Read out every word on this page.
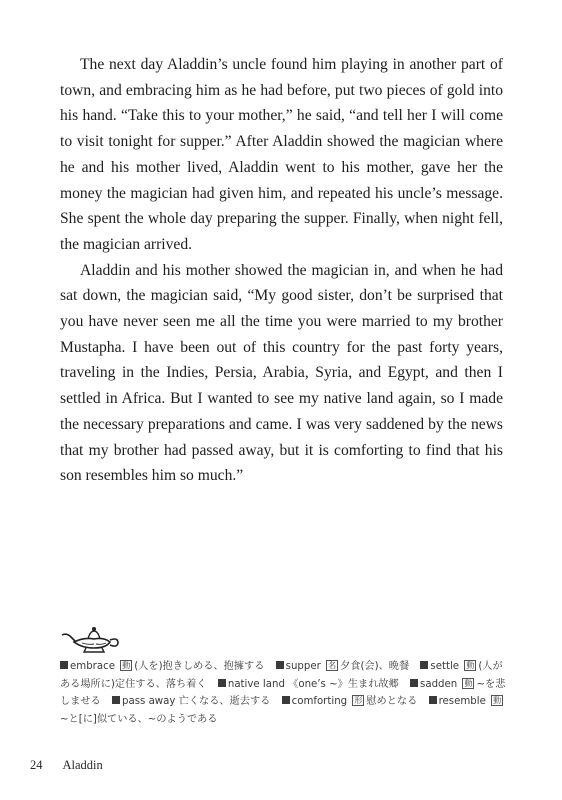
The next day Aladdin’s uncle found him playing in another part of town, and embracing him as he had before, put two pieces of gold into his hand. “Take this to your mother,” he said, “and tell her I will come to visit tonight for supper.” After Aladdin showed the magician where he and his mother lived, Aladdin went to his mother, gave her the money the magician had given him, and repeated his uncle’s message. She spent the whole day preparing the supper. Finally, when night fell, the magician arrived.

Aladdin and his mother showed the magician in, and when he had sat down, the magician said, “My good sister, don’t be surprised that you have never seen me all the time you were married to my brother Mustapha. I have been out of this country for the past forty years, traveling in the Indies, Persia, Arabia, Syria, and Egypt, and then I settled in Africa. But I wanted to see my native land again, so I made the necessary preparations and came. I was very saddened by the news that my brother had passed away, but it is comforting to find that his son resembles him so much.”

embrace 動 (人を)抱きしめる、抱擁する supper 名 夕食(会)、晩餐 settle 動 (人がある場所に)定住する、落ち着く native land 《one’s ~》生まれ故郷 sadden 動 ~を悲しませる pass away 亡くなる、逝去する comforting 形 慰めとなる resemble 動~と[に]似ている、~のようである
24 Aladdin
